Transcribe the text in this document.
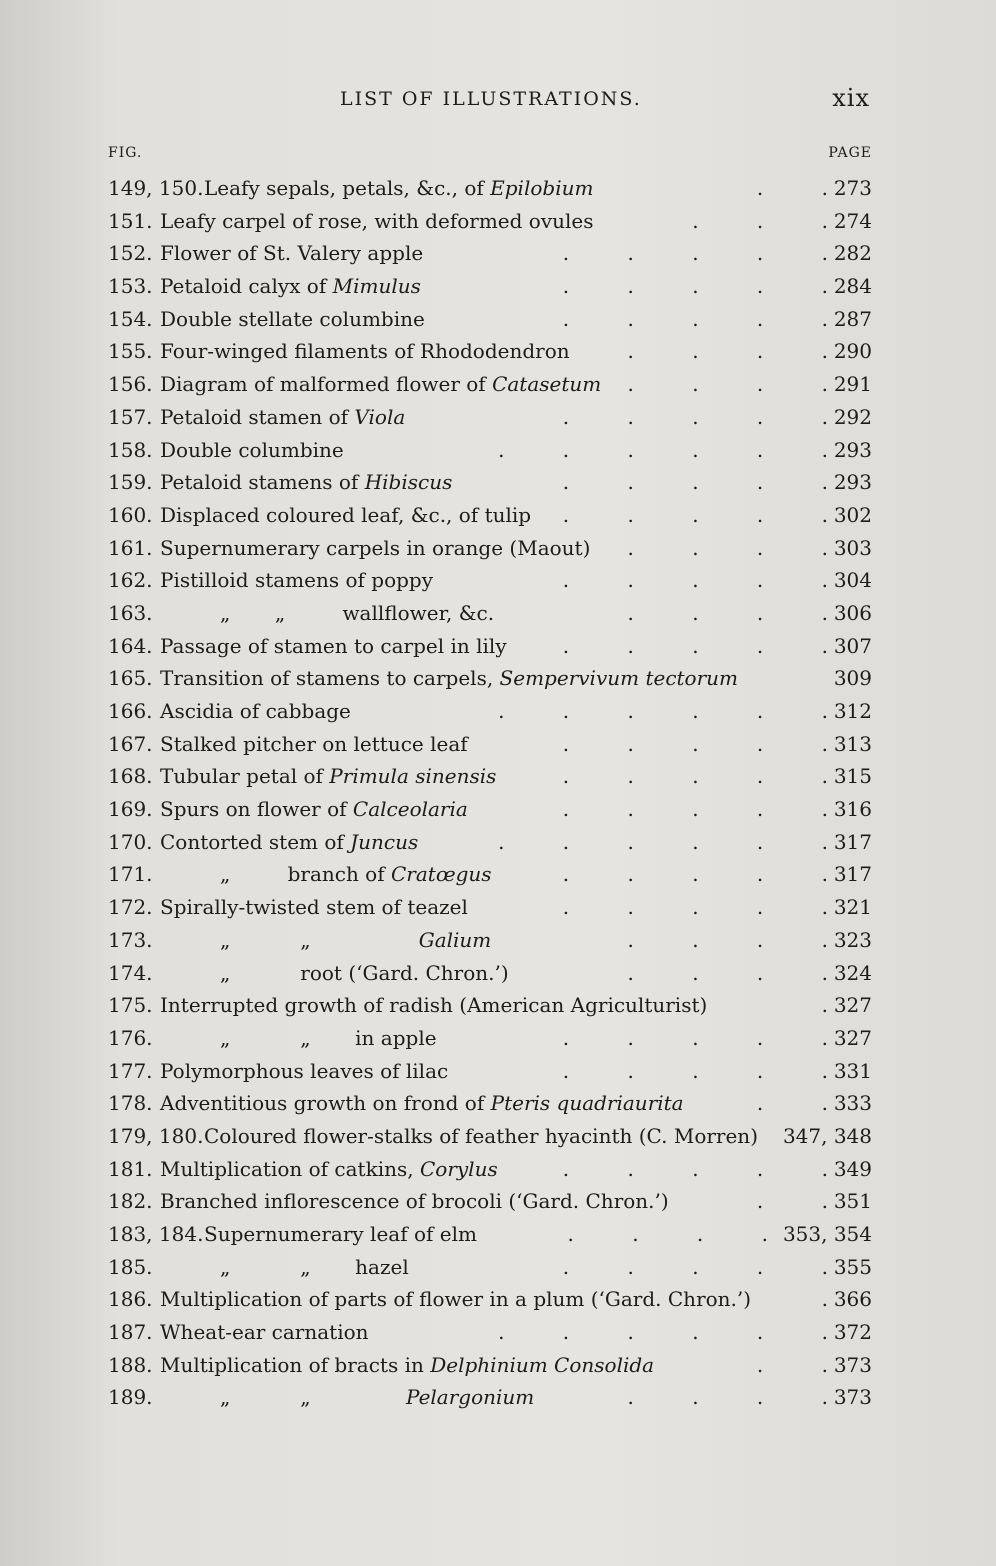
LIST OF ILLUSTRATIONS.	xix
FIG.	PAGE
149, 150. Leafy sepals, petals, &c., of Epilobium	. . 273
151. Leafy carpel of rose, with deformed ovules	. . . 274
152. Flower of St. Valery apple	. . . . . 282
153. Petaloid calyx of Mimulus	. . . . . 284
154. Double stellate columbine	. . . . . 287
155. Four-winged filaments of Rhododendron	. . . . 290
156. Diagram of malformed flower of Catasetum . . . . 291
157. Petaloid stamen of Viola	. . . . . 292
158. Double columbine	. . . . . . 293
159. Petaloid stamens of Hibiscus	. . . . . 293
160. Displaced coloured leaf, &c., of tulip . . . . . 302
161. Supernumerary carpels in orange (Maout) . . . . 303
162. Pistilloid stamens of poppy	. . . . . 304
163.	„       „         wallflower, &c.	. . . . 306
164. Passage of stamen to carpel in lily	. . . . . 307
165. Transition of stamens to carpels, Sempervivum tectorum	309
166. Ascidia of cabbage	. . . . . . 312
167. Stalked pitcher on lettuce leaf	. . . . . 313
168. Tubular petal of Primula sinensis	. . . . . 315
169. Spurs on flower of Calceolaria	. . . . . 316
170. Contorted stem of Juncus	. . . . . . 317
171.	„         branch of Cratœgus	. . . . . 317
172. Spirally-twisted stem of teazel	. . . . . 321
173.	„           „                 Galium	. . . . 323
174.	„           root (‘Gard. Chron.’)	. . . . 324
175. Interrupted growth of radish (American Agriculturist)	. 327
176.	„           „       in apple	. . . . . 327
177. Polymorphous leaves of lilac	. . . . . 331
178. Adventitious growth on frond of Pteris quadriaurita	. . 333
179, 180. Coloured flower-stalks of feather hyacinth (C. Morren) 347, 348
181. Multiplication of catkins, Corylus	. . . . . 349
182. Branched inflorescence of brocoli (‘Gard. Chron.’)	. . 351
183, 184. Supernumerary leaf of elm	. . . . 353, 354
185.	„           „       hazel	. . . . . 355
186. Multiplication of parts of flower in a plum (‘Gard. Chron.’)	. 366
187. Wheat-ear carnation	. . . . . . 372
188. Multiplication of bracts in Delphinium Consolida	. . 373
189.	„           „               Pelargonium	. . . . 373
